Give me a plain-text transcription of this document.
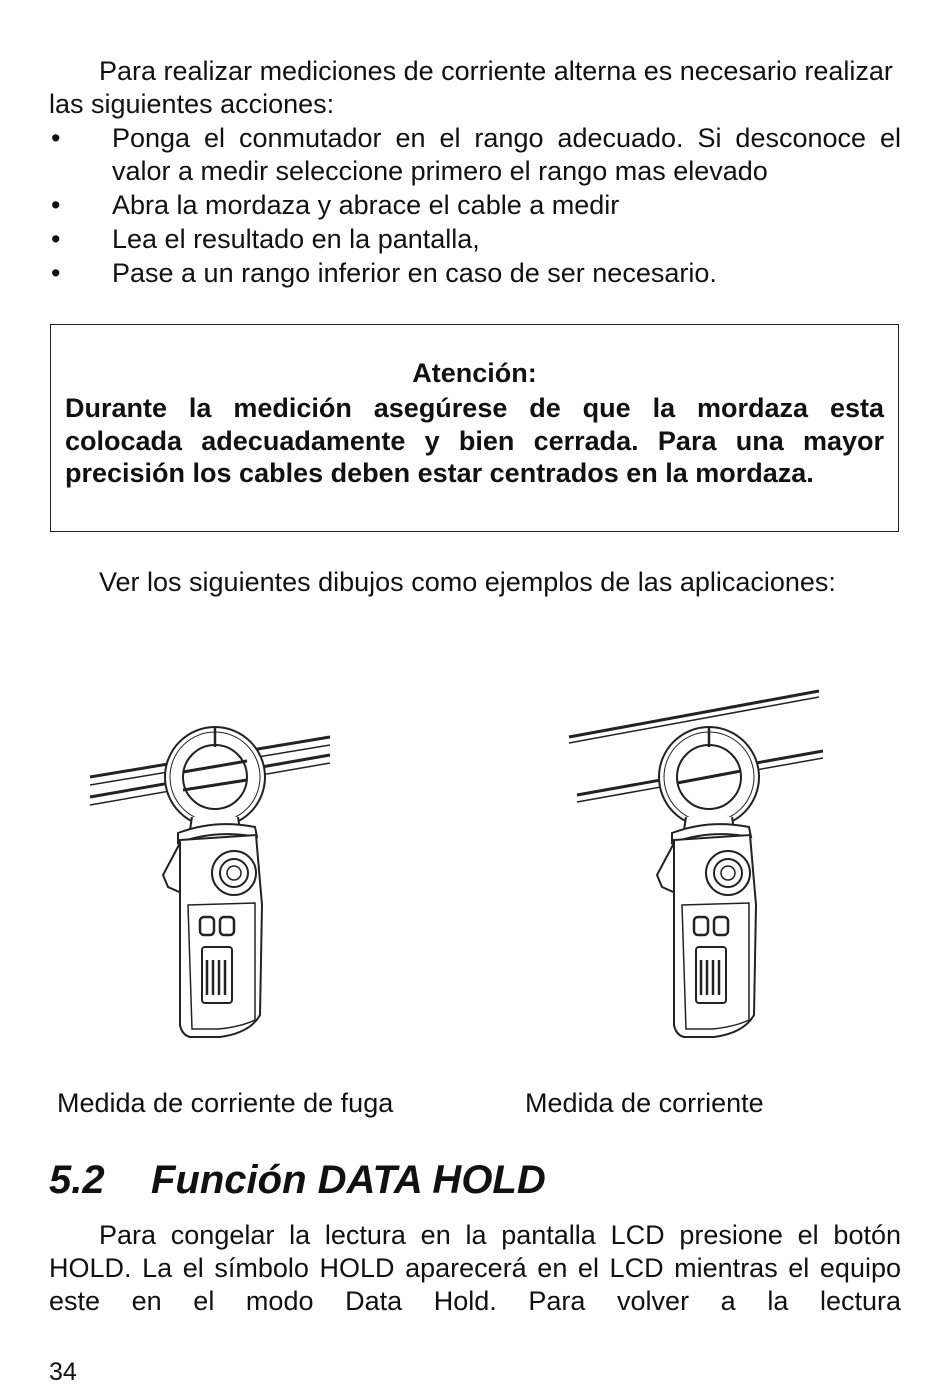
Para realizar mediciones de corriente alterna es necesario realizar las siguientes acciones:
• Ponga el conmutador en el rango adecuado. Si desconoce el valor a medir seleccione primero el rango mas elevado
• Abra la mordaza y abrace el cable a medir
• Lea el resultado en la pantalla,
• Pase a un rango inferior en caso de ser necesario.
Atención:
Durante la medición asegúrese de que la mordaza esta colocada adecuadamente y bien cerrada. Para una mayor precisión los cables deben estar centrados en la mordaza.
Ver los siguientes dibujos como ejemplos de las aplicaciones:
Medida de corriente de fuga	Medida de corriente
5.2 Función DATA HOLD
Para congelar la lectura en la pantalla LCD presione el botón HOLD. La el símbolo HOLD aparecerá en el LCD mientras el equipo este en el modo Data Hold. Para volver a la lectura
34
